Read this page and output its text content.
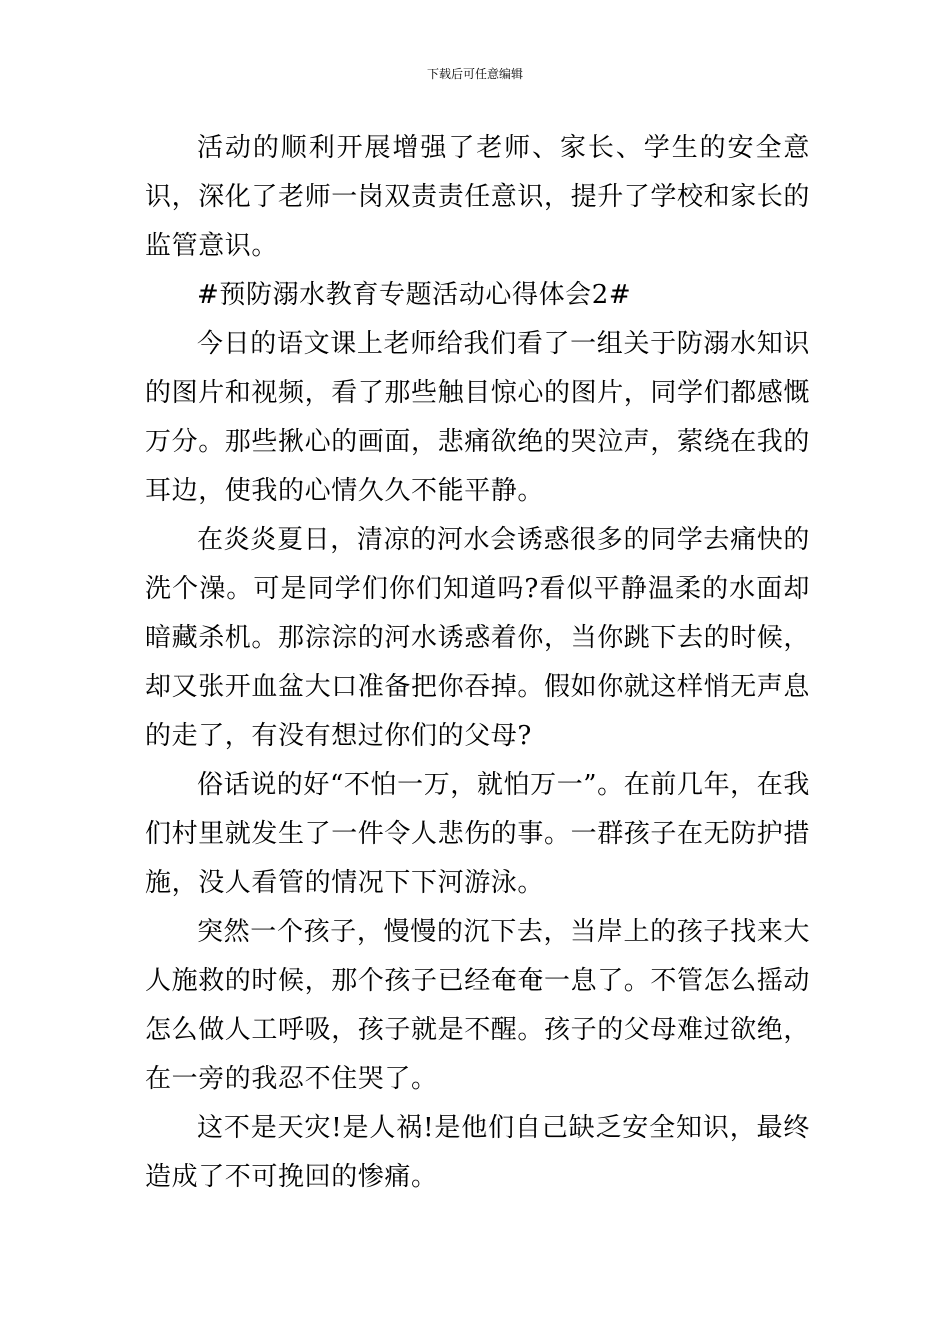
下载后可任意编辑

活动的顺利开展增强了老师、家长、学生的安全意识，深化了老师一岗双责责任意识，提升了学校和家长的监管意识。

#预防溺水教育专题活动心得体会2#

今日的语文课上老师给我们看了一组关于防溺水知识的图片和视频，看了那些触目惊心的图片，同学们都感慨万分。那些揪心的画面，悲痛欲绝的哭泣声，萦绕在我的耳边，使我的心情久久不能平静。

在炎炎夏日，清凉的河水会诱惑很多的同学去痛快的洗个澡。可是同学们你们知道吗?看似平静温柔的水面却暗藏杀机。那淙淙的河水诱惑着你，当你跳下去的时候，却又张开血盆大口准备把你吞掉。假如你就这样悄无声息的走了，有没有想过你们的父母?

俗话说的好“不怕一万，就怕万一”。在前几年，在我们村里就发生了一件令人悲伤的事。一群孩子在无防护措施，没人看管的情况下下河游泳。

突然一个孩子，慢慢的沉下去，当岸上的孩子找来大人施救的时候，那个孩子已经奄奄一息了。不管怎么摇动怎么做人工呼吸，孩子就是不醒。孩子的父母难过欲绝，在一旁的我忍不住哭了。

这不是天灾!是人祸!是他们自己缺乏安全知识，最终造成了不可挽回的惨痛。
